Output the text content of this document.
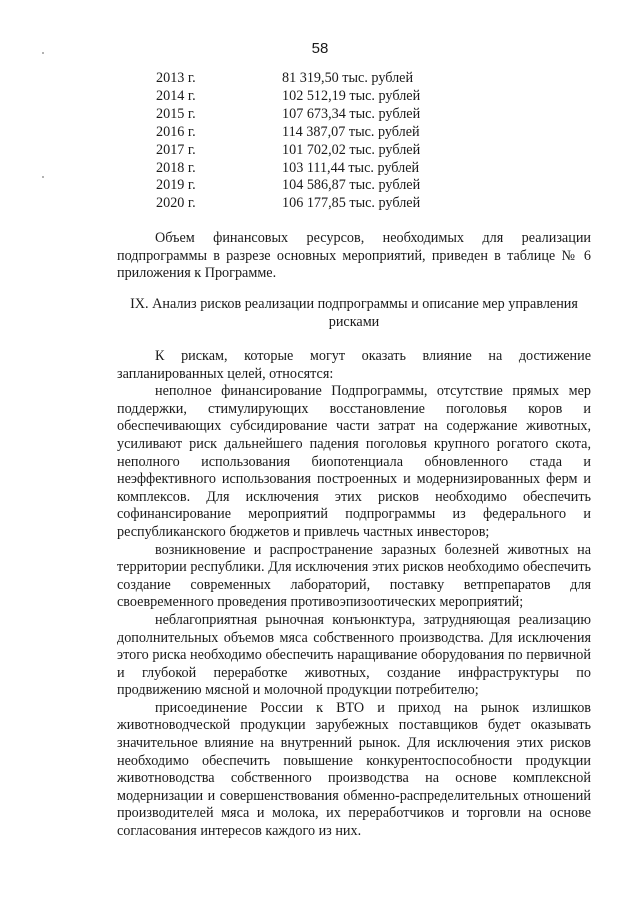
58
2013 г.	81 319,50 тыс. рублей
2014 г.	102 512,19 тыс. рублей
2015 г.	107 673,34 тыс. рублей
2016 г.	114 387,07 тыс. рублей
2017 г.	101 702,02 тыс. рублей
2018 г.	103 111,44 тыс. рублей
2019 г.	104 586,87 тыс. рублей
2020 г.	106 177,85 тыс. рублей

Объем финансовых ресурсов, необходимых для реализации подпрограммы в разрезе основных мероприятий, приведен в таблице № 6 приложения к Программе.

IX. Анализ рисков реализации подпрограммы и описание мер управления
рисками

К рискам, которые могут оказать влияние на достижение запланированных целей, относятся:

неполное финансирование Подпрограммы, отсутствие прямых мер поддержки, стимулирующих восстановление поголовья коров и обеспечивающих субсидирование части затрат на содержание животных, усиливают риск дальнейшего падения поголовья крупного рогатого скота, неполного использования биопотенциала обновленного стада и неэффективного использования построенных и модернизированных ферм и комплексов. Для исключения этих рисков необходимо обеспечить софинансирование мероприятий подпрограммы из федерального и республиканского бюджетов и привлечь частных инвесторов;

возникновение и распространение заразных болезней животных на территории республики. Для исключения этих рисков необходимо обеспечить создание современных лабораторий, поставку ветпрепаратов для своевременного проведения противоэпизоотических мероприятий;

неблагоприятная рыночная конъюнктура, затрудняющая реализацию дополнительных объемов мяса собственного производства. Для исключения этого риска необходимо обеспечить наращивание оборудования по первичной и глубокой переработке животных, создание инфраструктуры по продвижению мясной и молочной продукции потребителю;

присоединение России к ВТО и приход на рынок излишков животноводческой продукции зарубежных поставщиков будет оказывать значительное влияние на внутренний рынок. Для исключения этих рисков необходимо обеспечить повышение конкурентоспособности продукции животноводства собственного производства на основе комплексной модернизации и совершенствования обменно-распределительных отношений производителей мяса и молока, их переработчиков и торговли на основе согласования интересов каждого из них.
